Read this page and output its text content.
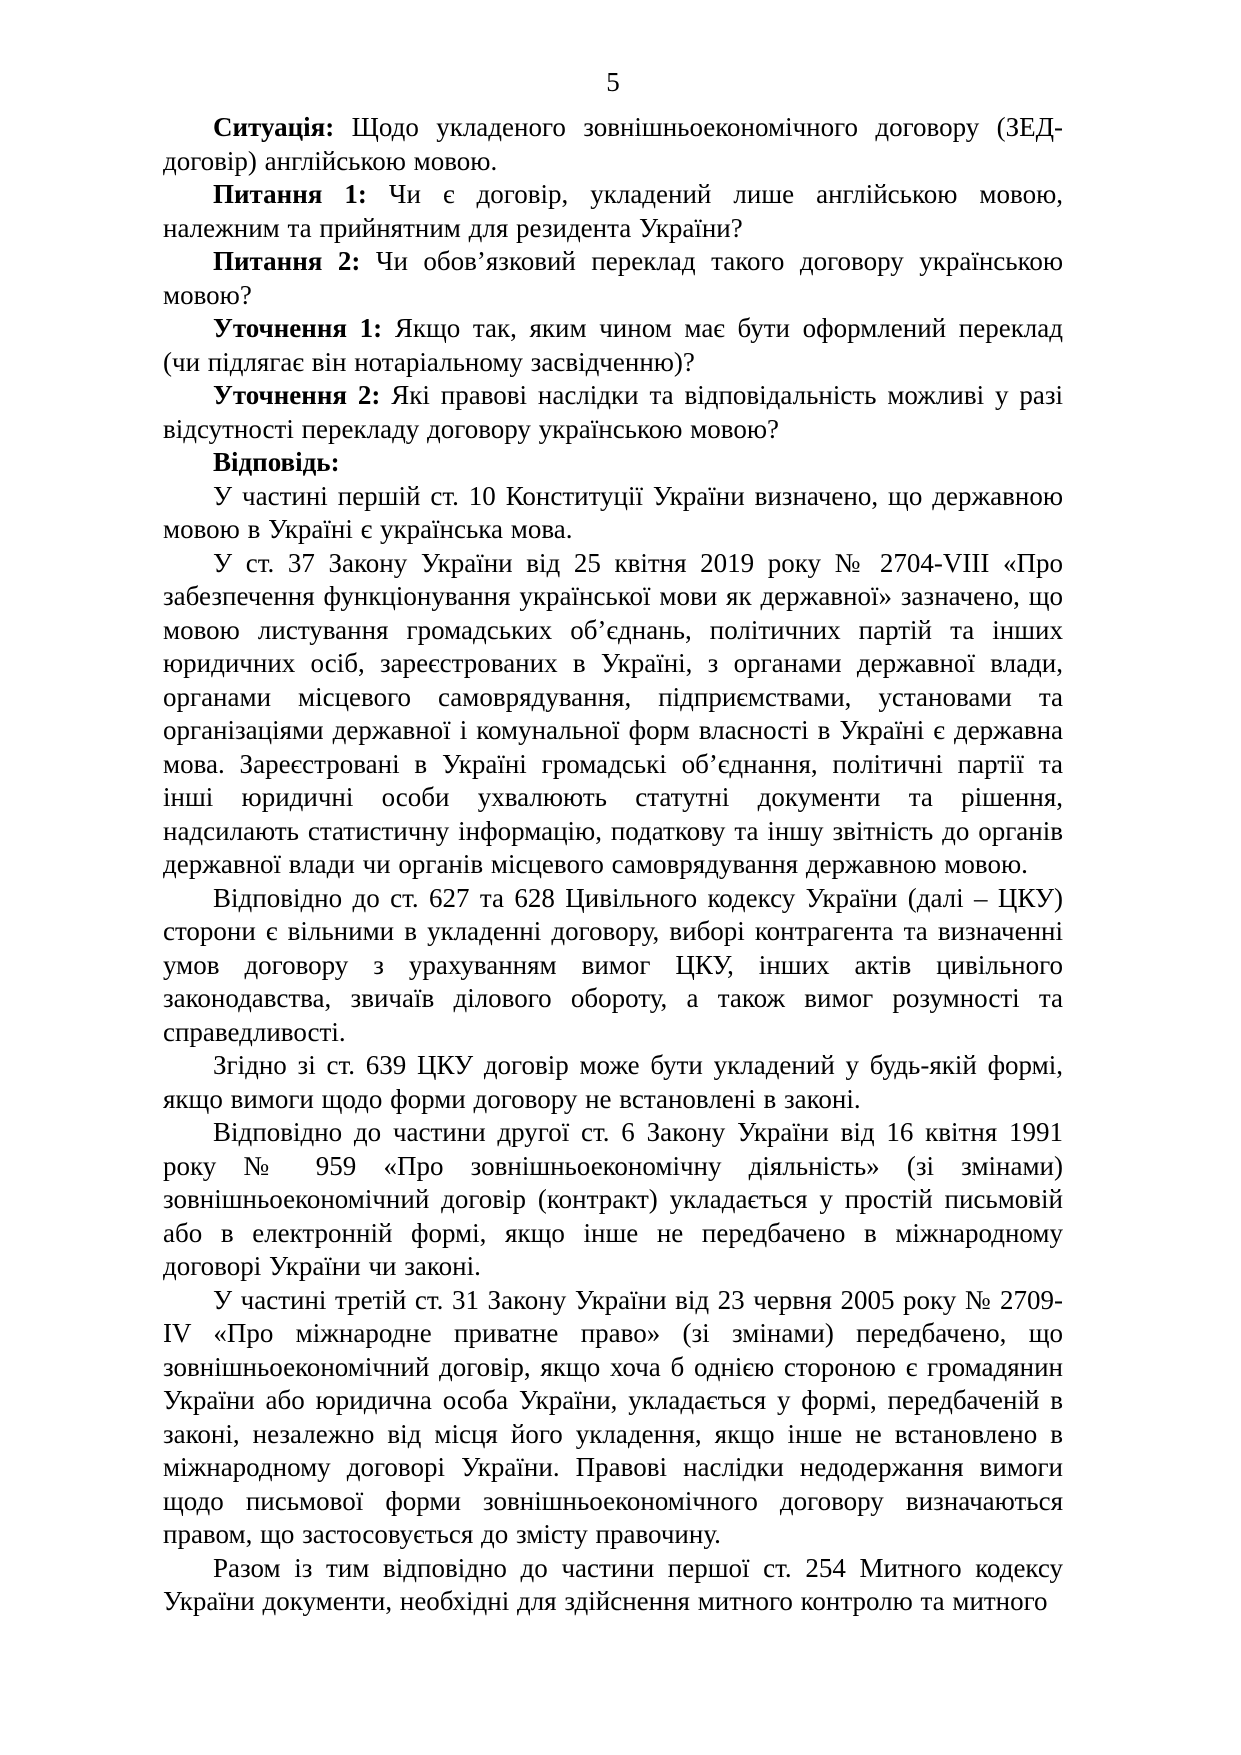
5

Ситуація: Щодо укладеного зовнішньоекономічного договору (ЗЕД-договір) англійською мовою.

Питання 1: Чи є договір, укладений лише англійською мовою, належним та прийнятним для резидента України?

Питання 2: Чи обов’язковий переклад такого договору українською мовою?

Уточнення 1: Якщо так, яким чином має бути оформлений переклад (чи підлягає він нотаріальному засвідченню)?

Уточнення 2: Які правові наслідки та відповідальність можливі у разі відсутності перекладу договору українською мовою?

Відповідь:

У частині першій ст. 10 Конституції України визначено, що державною мовою в Україні є українська мова.

У ст. 37 Закону України від 25 квітня 2019 року № 2704-VIII «Про забезпечення функціонування української мови як державної» зазначено, що мовою листування громадських об’єднань, політичних партій та інших юридичних осіб, зареєстрованих в Україні, з органами державної влади, органами місцевого самоврядування, підприємствами, установами та організаціями державної і комунальної форм власності в Україні є державна мова. Зареєстровані в Україні громадські об’єднання, політичні партії та інші юридичні особи ухвалюють статутні документи та рішення, надсилають статистичну інформацію, податкову та іншу звітність до органів державної влади чи органів місцевого самоврядування державною мовою.

Відповідно до ст. 627 та 628 Цивільного кодексу України (далі – ЦКУ) сторони є вільними в укладенні договору, виборі контрагента та визначенні умов договору з урахуванням вимог ЦКУ, інших актів цивільного законодавства, звичаїв ділового обороту, а також вимог розумності та справедливості.

Згідно зі ст. 639 ЦКУ договір може бути укладений у будь-якій формі, якщо вимоги щодо форми договору не встановлені в законі.

Відповідно до частини другої ст. 6 Закону України від 16 квітня 1991 року № 959 «Про зовнішньоекономічну діяльність» (зі змінами) зовнішньоекономічний договір (контракт) укладається у простій письмовій або в електронній формі, якщо інше не передбачено в міжнародному договорі України чи законі.

У частині третій ст. 31 Закону України від 23 червня 2005 року № 2709-IV «Про міжнародне приватне право» (зі змінами) передбачено, що зовнішньоекономічний договір, якщо хоча б однією стороною є громадянин України або юридична особа України, укладається у формі, передбаченій в законі, незалежно від місця його укладення, якщо інше не встановлено в міжнародному договорі України. Правові наслідки недодержання вимоги щодо письмової форми зовнішньоекономічного договору визначаються правом, що застосовується до змісту правочину.

Разом із тим відповідно до частини першої ст. 254 Митного кодексу України документи, необхідні для здійснення митного контролю та митного
